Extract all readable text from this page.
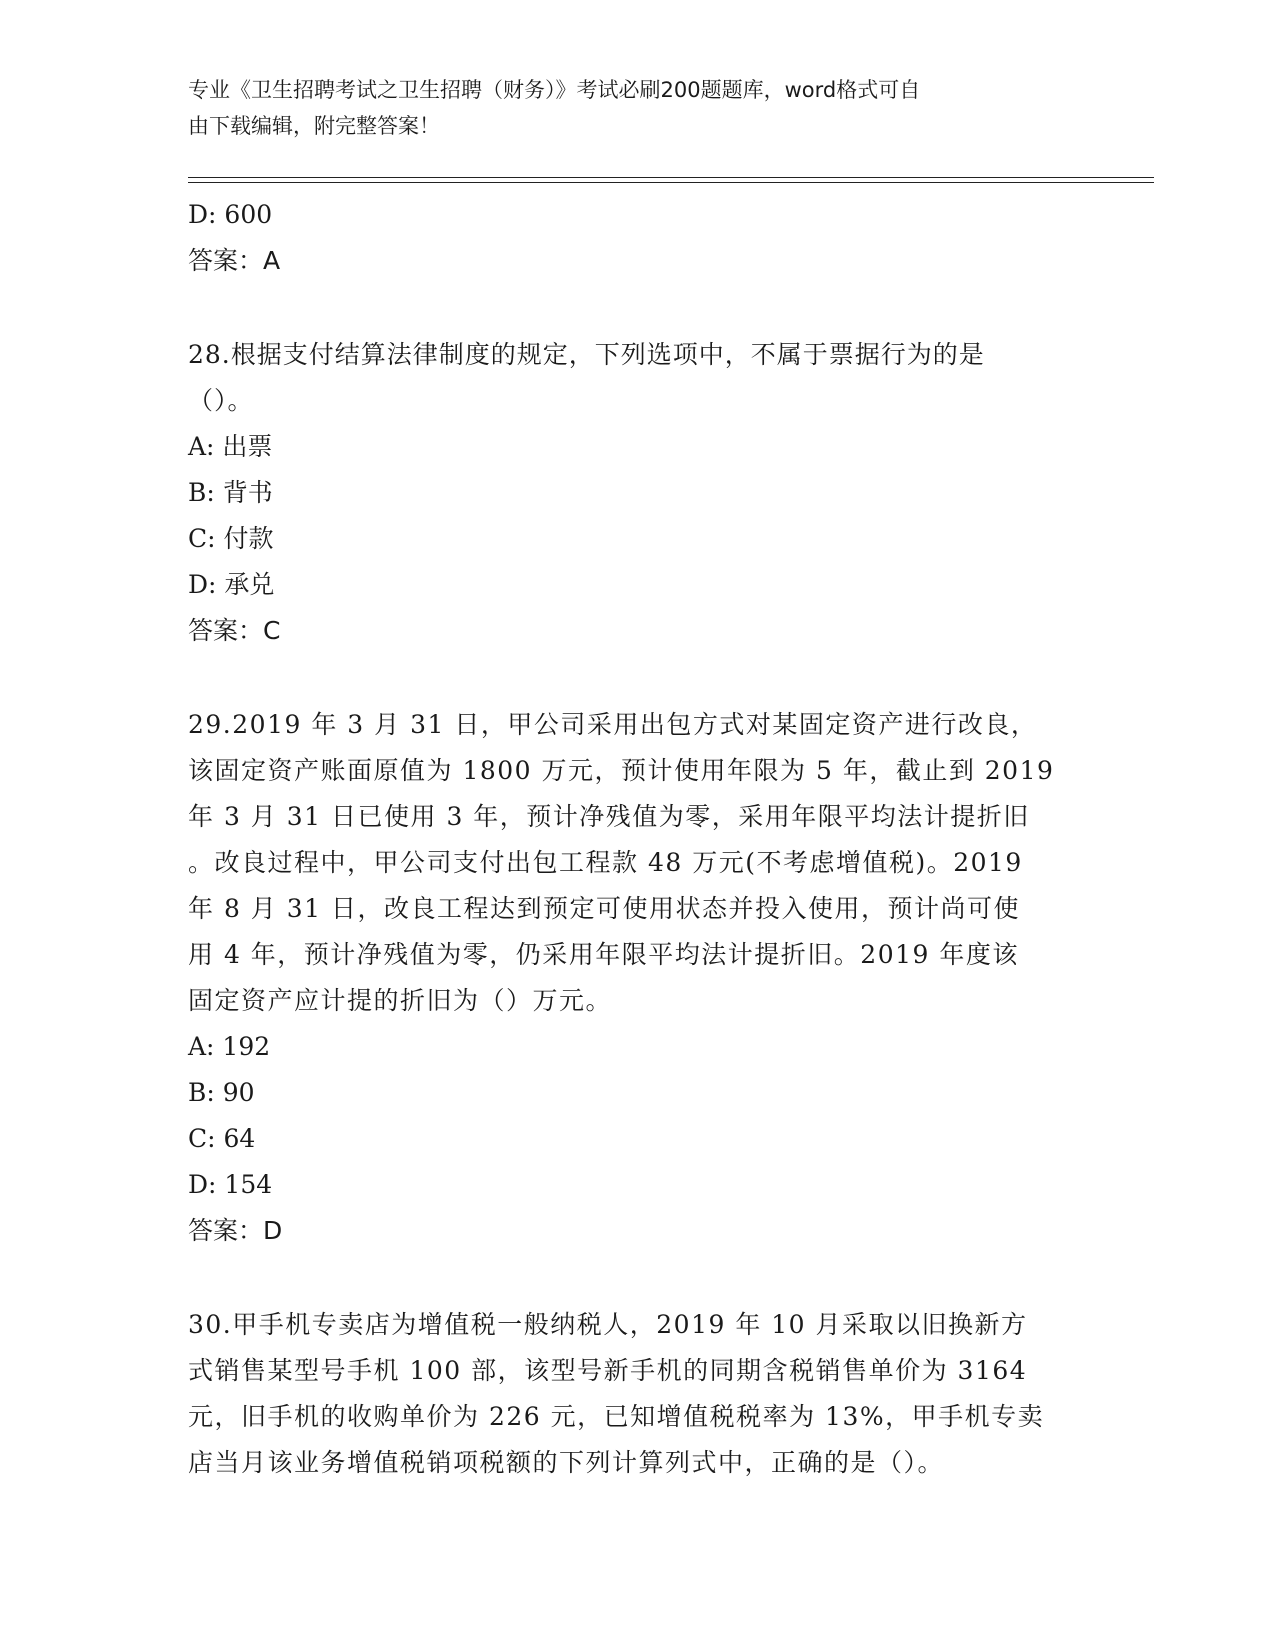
专业《卫生招聘考试之卫生招聘（财务）》考试必刷200题题库，word格式可自
由下载编辑，附完整答案！
D: 600
答案：A
28.根据支付结算法律制度的规定，下列选项中，不属于票据行为的是
（）。
A: 出票
B: 背书
C: 付款
D: 承兑
答案：C
29.2019 年 3 月 31 日，甲公司采用出包方式对某固定资产进行改良，
该固定资产账面原值为 1800 万元，预计使用年限为 5 年，截止到 2019
年 3 月 31 日已使用 3 年，预计净残值为零，采用年限平均法计提折旧
。改良过程中，甲公司支付出包工程款 48 万元(不考虑增值税)。2019
年 8 月 31 日，改良工程达到预定可使用状态并投入使用，预计尚可使
用 4 年，预计净残值为零，仍采用年限平均法计提折旧。2019 年度该
固定资产应计提的折旧为（）万元。
A: 192
B: 90
C: 64
D: 154
答案：D
30.甲手机专卖店为增值税一般纳税人，2019 年 10 月采取以旧换新方
式销售某型号手机 100 部，该型号新手机的同期含税销售单价为 3164
元，旧手机的收购单价为 226 元，已知增值税税率为 13%，甲手机专卖
店当月该业务增值税销项税额的下列计算列式中，正确的是（）。
